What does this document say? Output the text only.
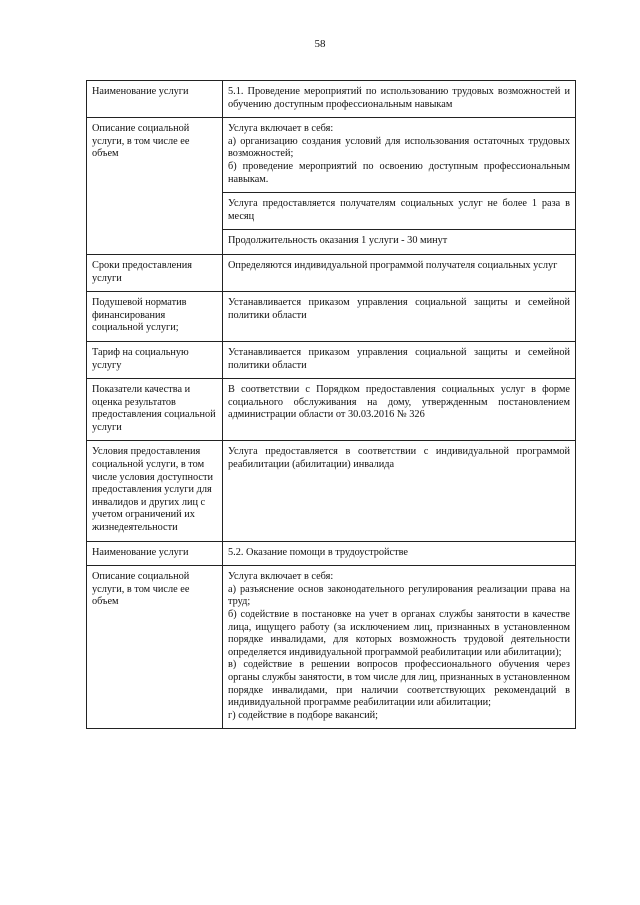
58
Наименование услуги	5.1. Проведение мероприятий по использованию трудовых возможностей и обучению доступным профессиональным навыкам

Описание социальной услуги, в том числе ее объем	Услуга включает в себя:
а) организацию создания условий для использования остаточных трудовых возможностей;
б) проведение мероприятий по освоению доступным профессиональным навыкам.

	Услуга предоставляется получателям социальных услуг не более 1 раза в месяц

	Продолжительность оказания 1 услуги - 30 минут

Сроки предоставления услуги	Определяются индивидуальной программой получателя социальных услуг

Подушевой норматив финансирования социальной услуги;	Устанавливается приказом управления социальной защиты и семейной политики области

Тариф на социальную услугу	Устанавливается приказом управления социальной защиты и семейной политики области

Показатели качества и оценка результатов предоставления социальной услуги	В соответствии с Порядком предоставления социальных услуг в форме социального обслуживания на дому, утвержденным постановлением администрации области от 30.03.2016 № 326

Условия предоставления социальной услуги, в том числе условия доступности предоставления услуги для инвалидов и других лиц с учетом ограничений их жизнедеятельности	Услуга предоставляется в соответствии с индивидуальной программой реабилитации (абилитации) инвалида

Наименование услуги	5.2. Оказание помощи в трудоустройстве

Описание социальной услуги, в том числе ее объем	Услуга включает в себя:
а) разъяснение основ законодательного регулирования реализации права на труд;
б) содействие в постановке на учет в органах службы занятости в качестве лица, ищущего работу (за исключением лиц, признанных в установленном порядке инвалидами, для которых возможность трудовой деятельности определяется индивидуальной программой реабилитации или абилитации);
в) содействие в решении вопросов профессионального обучения через органы службы занятости, в том числе для лиц, признанных в установленном порядке инвалидами, при наличии соответствующих рекомендаций в индивидуальной программе реабилитации или абилитации;
г) содействие в подборе вакансий;
